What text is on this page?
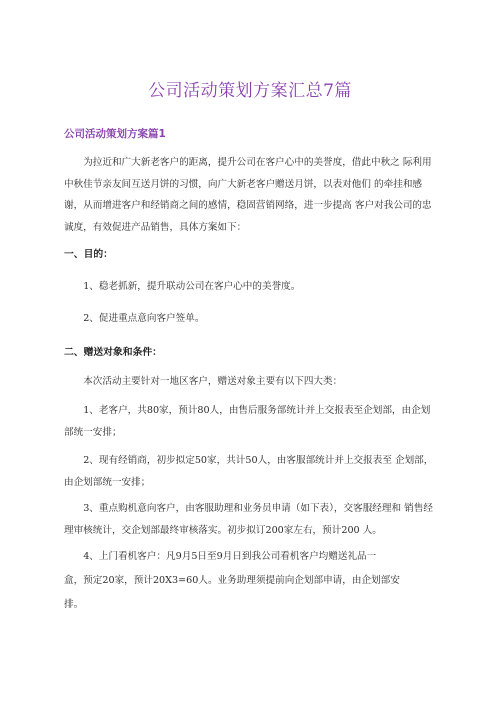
公司活动策划方案汇总7篇
公司活动策划方案篇1

为拉近和广大新老客户的距离，提升公司在客户心中的美誉度，借此中秋之 际利用中秋佳节亲友间互送月饼的习惯，向广大新老客户赠送月饼，以表对他们 的牵挂和感谢，从而增进客户和经销商之间的感情，稳固营销网络，进一步提高 客户对我公司的忠诚度，有效促进产品销售，具体方案如下：

一、目的：

1、稳老抓新，提升联动公司在客户心中的美誉度。

2、促进重点意向客户签单。

二、赠送对象和条件：

本次活动主要针对一地区客户，赠送对象主要有以下四大类：

1、老客户，共80家，预计80人，由售后服务部统计并上交报表至企划部，由企划部统一安排；

2、现有经销商，初步拟定50家，共计50人，由客服部统计并上交报表至 企划部，由企划部统一安排；

3、重点购机意向客户，由客服助理和业务员申请（如下表），交客服经理和 销售经理审核统计，交企划部最终审核落实。初步拟订200家左右，预计200 人。

4、上门看机客户：凡9月5日至9月日到我公司看机客户均赠送礼品一

盒，预定20家，预计20X3=60人。业务助理须提前向企划部申请，由企划部安

排。
